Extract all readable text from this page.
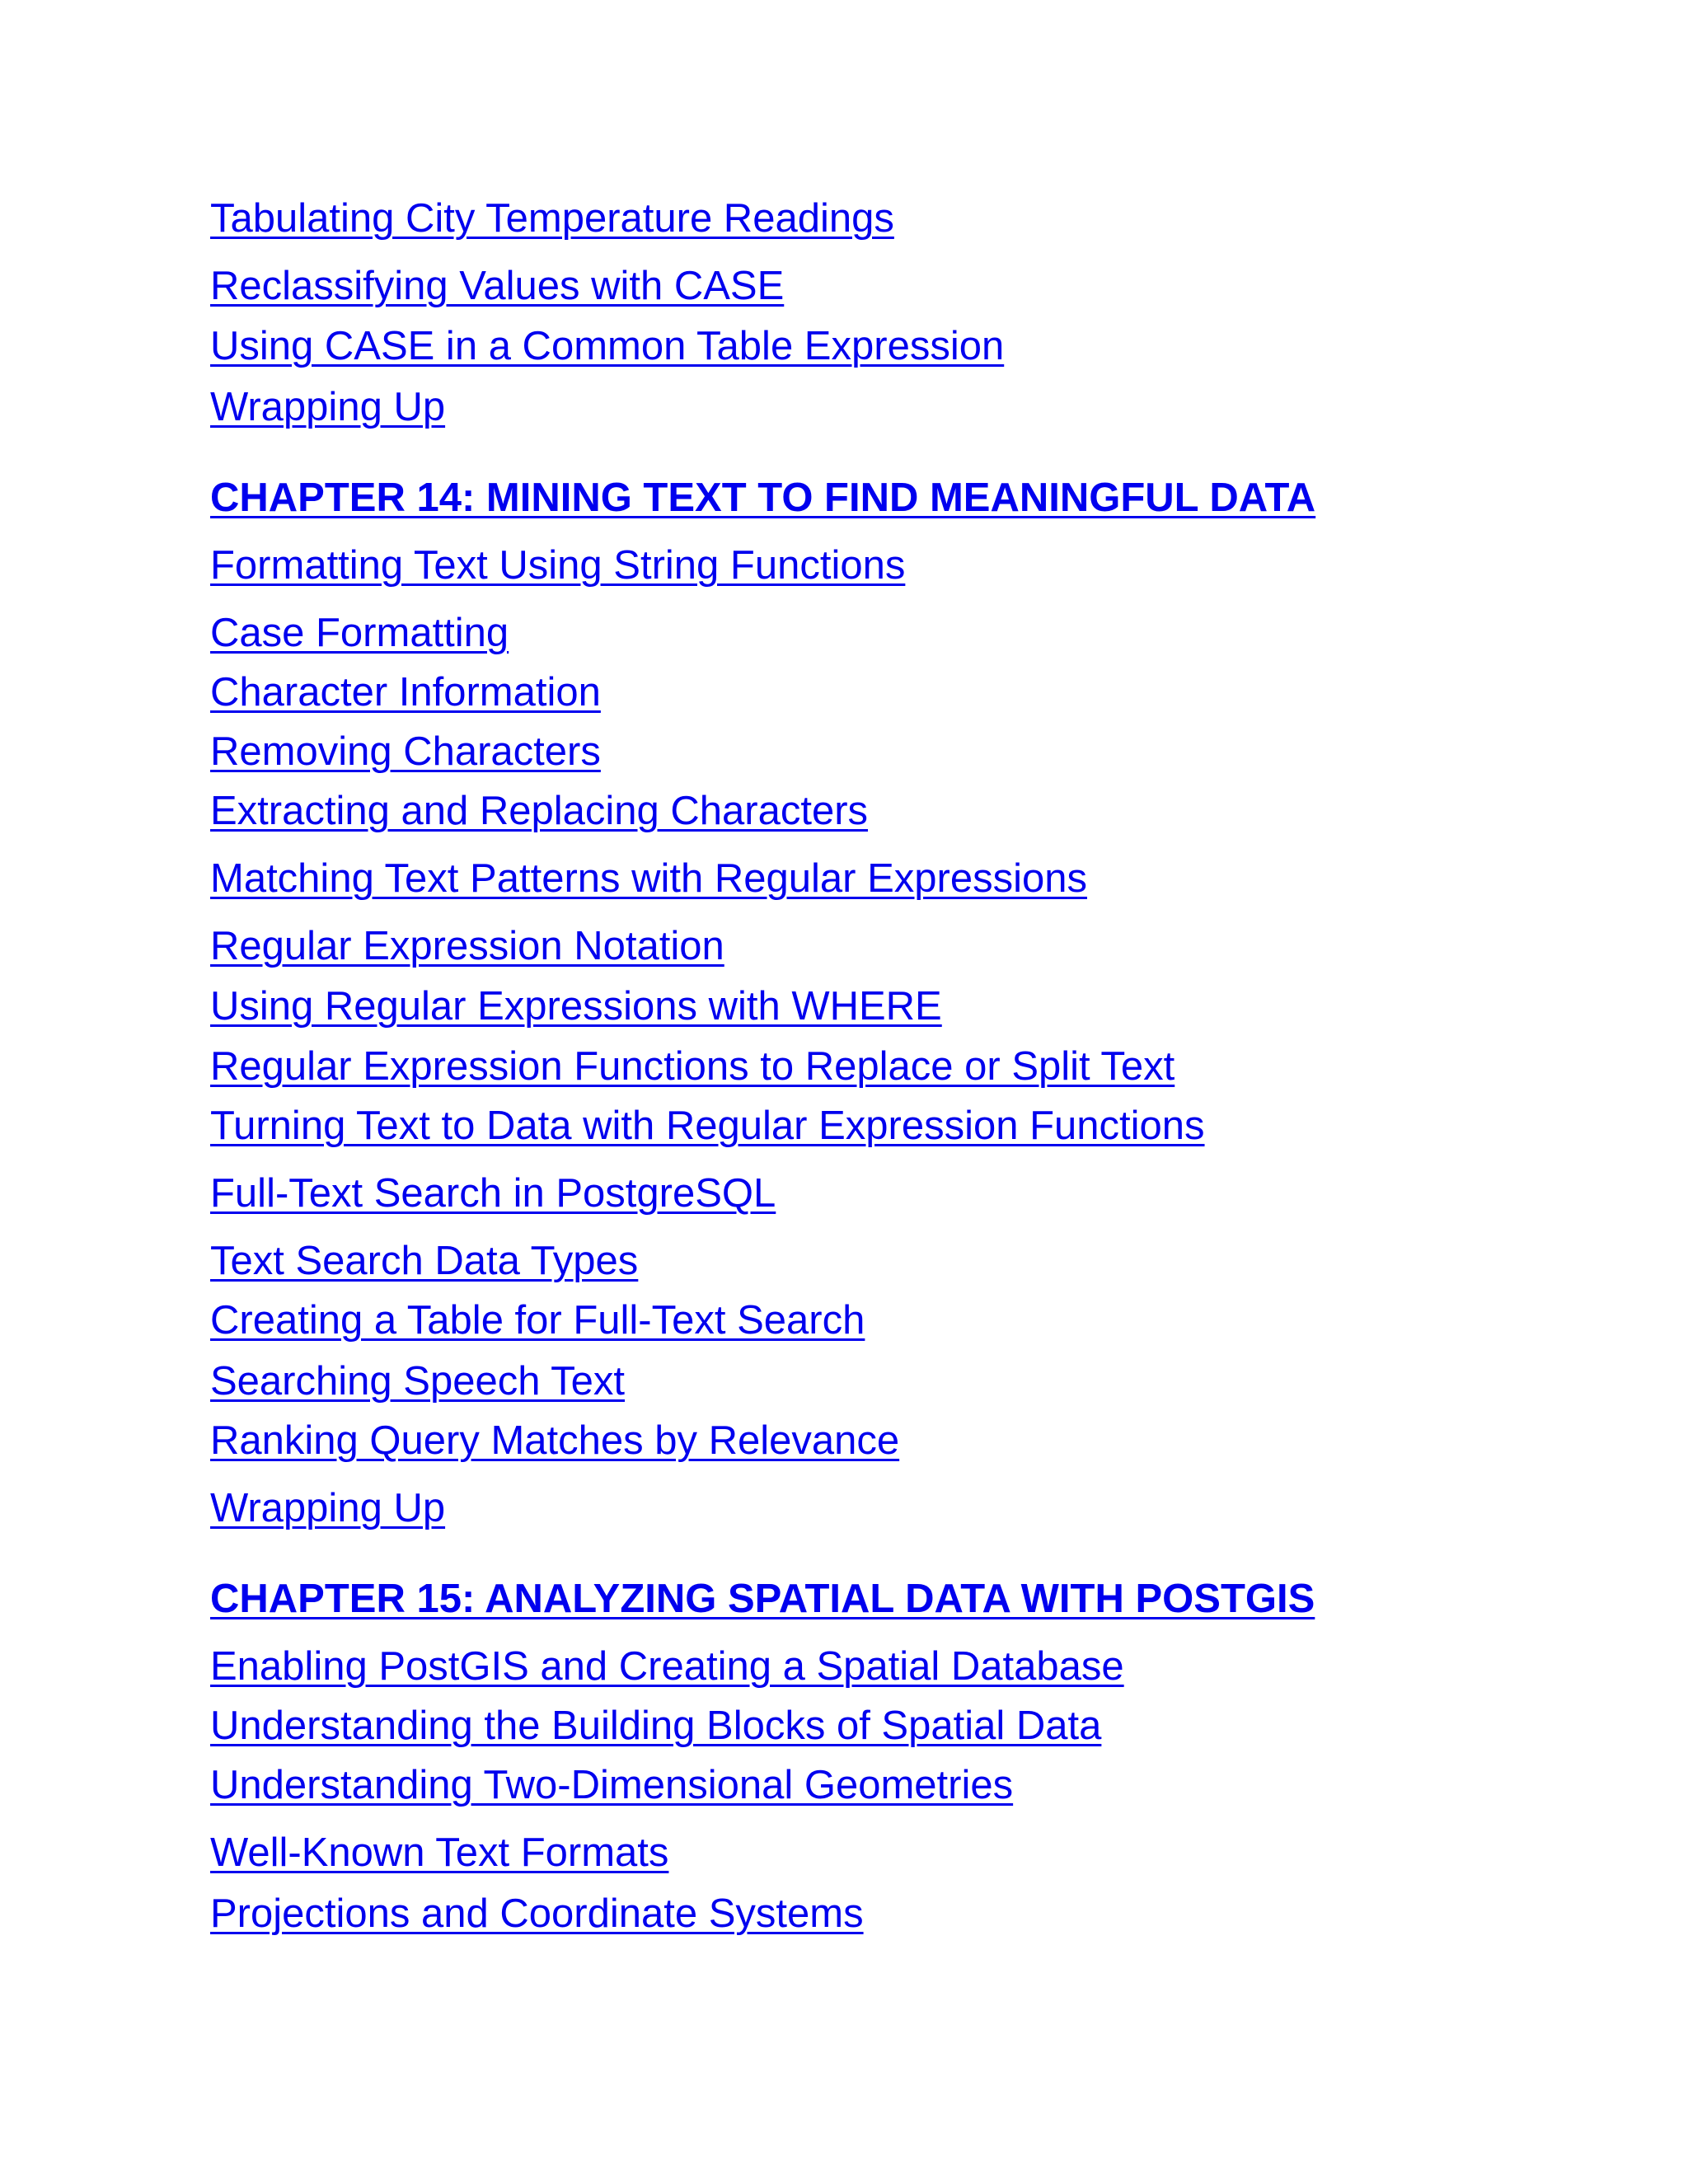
Tabulating City Temperature Readings
Reclassifying Values with CASE
Using CASE in a Common Table Expression
Wrapping Up
CHAPTER 14: MINING TEXT TO FIND MEANINGFUL DATA
Formatting Text Using String Functions
Case Formatting
Character Information
Removing Characters
Extracting and Replacing Characters
Matching Text Patterns with Regular Expressions
Regular Expression Notation
Using Regular Expressions with WHERE
Regular Expression Functions to Replace or Split Text
Turning Text to Data with Regular Expression Functions
Full-Text Search in PostgreSQL
Text Search Data Types
Creating a Table for Full-Text Search
Searching Speech Text
Ranking Query Matches by Relevance
Wrapping Up
CHAPTER 15: ANALYZING SPATIAL DATA WITH POSTGIS
Enabling PostGIS and Creating a Spatial Database
Understanding the Building Blocks of Spatial Data
Understanding Two-Dimensional Geometries
Well-Known Text Formats
Projections and Coordinate Systems
